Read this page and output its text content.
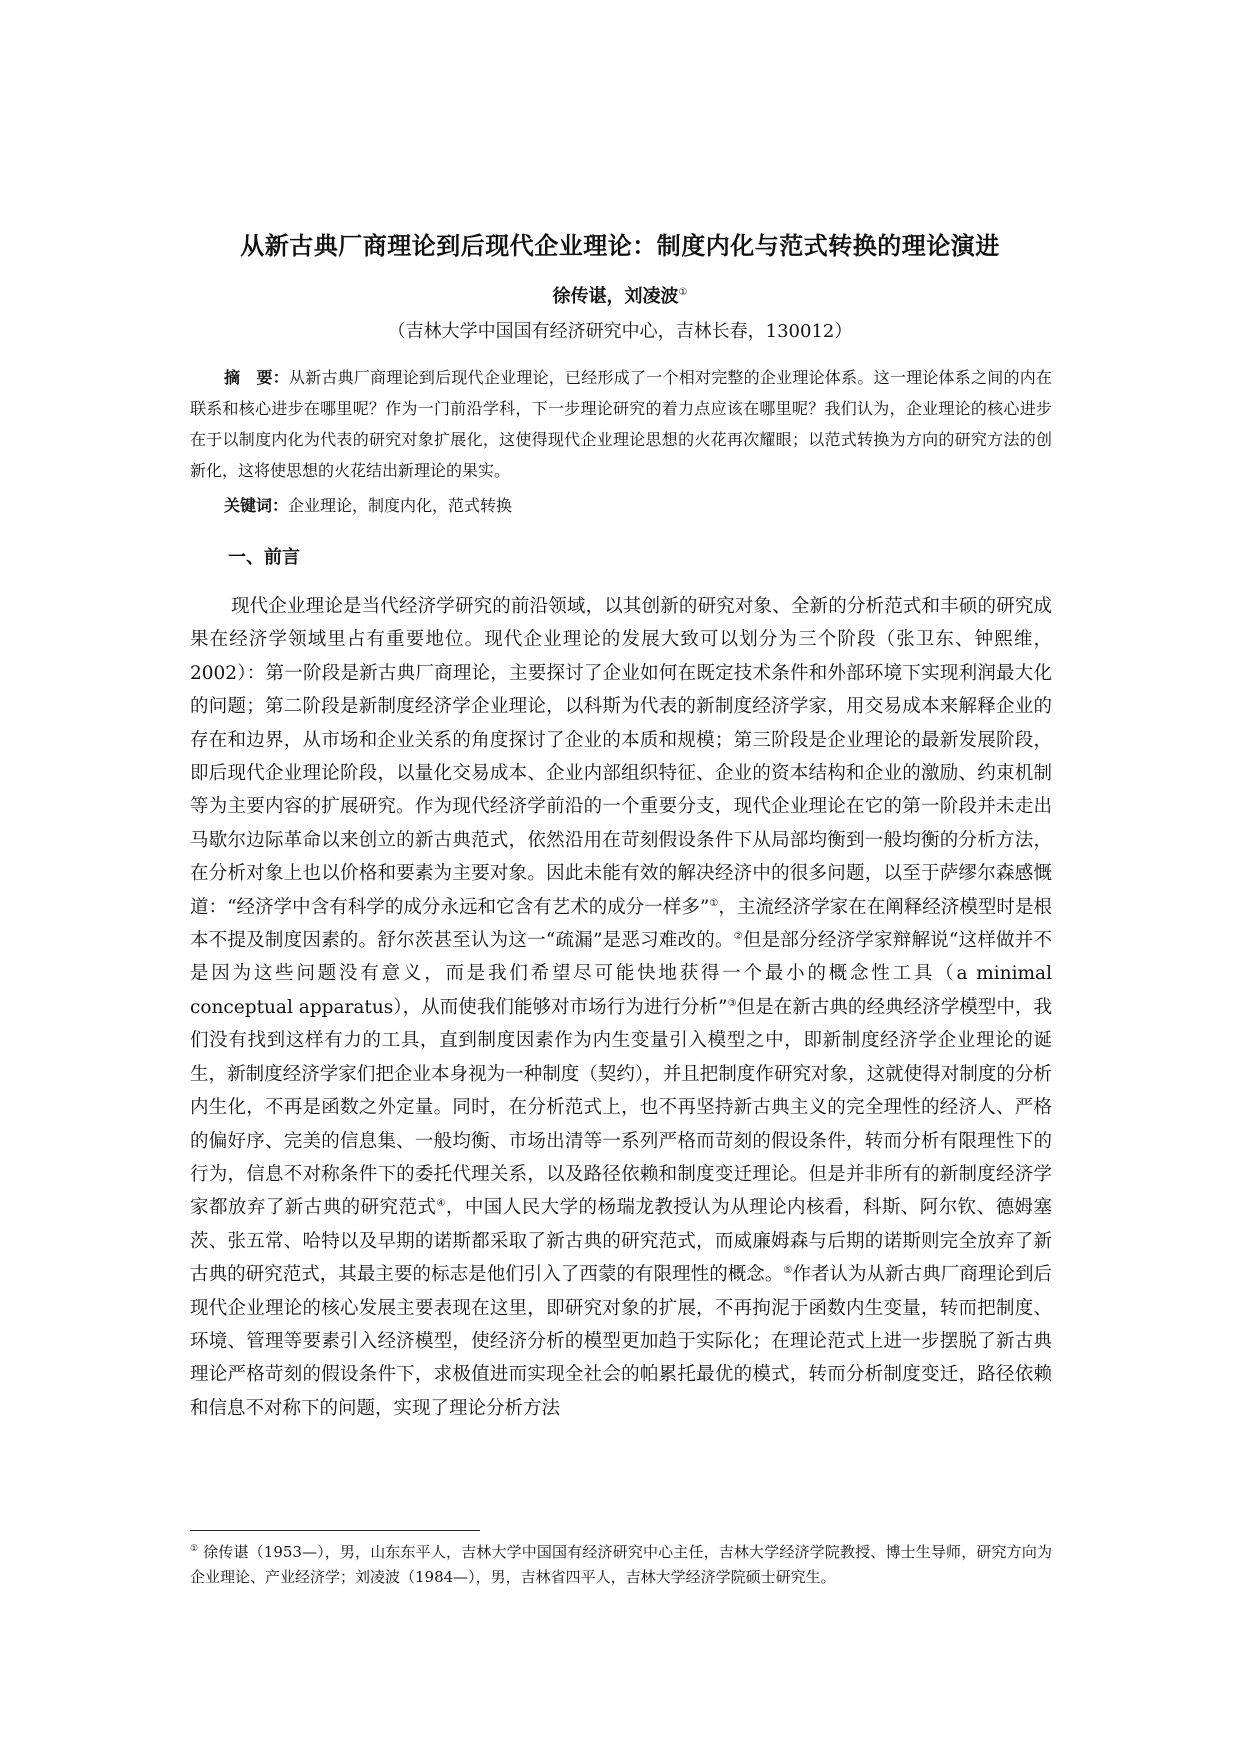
从新古典厂商理论到后现代企业理论：制度内化与范式转换的理论演进
徐传谌，刘凌波①
（吉林大学中国国有经济研究中心，吉林长春，130012）

摘　要：从新古典厂商理论到后现代企业理论，已经形成了一个相对完整的企业理论体系。这一理论体系之间的内在联系和核心进步在哪里呢？作为一门前沿学科，下一步理论研究的着力点应该在哪里呢？我们认为，企业理论的核心进步在于以制度内化为代表的研究对象扩展化，这使得现代企业理论思想的火花再次耀眼；以范式转换为方向的研究方法的创新化，这将使思想的火花结出新理论的果实。

关键词：企业理论，制度内化，范式转换

一、前言

现代企业理论是当代经济学研究的前沿领域，以其创新的研究对象、全新的分析范式和丰硕的研究成果在经济学领域里占有重要地位。现代企业理论的发展大致可以划分为三个阶段（张卫东、钟熙维，2002）：第一阶段是新古典厂商理论，主要探讨了企业如何在既定技术条件和外部环境下实现利润最大化的问题；第二阶段是新制度经济学企业理论，以科斯为代表的新制度经济学家，用交易成本来解释企业的存在和边界，从市场和企业关系的角度探讨了企业的本质和规模；第三阶段是企业理论的最新发展阶段，即后现代企业理论阶段，以量化交易成本、企业内部组织特征、企业的资本结构和企业的激励、约束机制等为主要内容的扩展研究。作为现代经济学前沿的一个重要分支，现代企业理论在它的第一阶段并未走出马歇尔边际革命以来创立的新古典范式，依然沿用在苛刻假设条件下从局部均衡到一般均衡的分析方法，在分析对象上也以价格和要素为主要对象。因此未能有效的解决经济中的很多问题，以至于萨缪尔森感慨道：“经济学中含有科学的成分永远和它含有艺术的成分一样多”①，主流经济学家在在阐释经济模型时是根本不提及制度因素的。舒尔茨甚至认为这一“疏漏”是恶习难改的。②但是部分经济学家辩解说“这样做并不是因为这些问题没有意义，而是我们希望尽可能快地获得一个最小的概念性工具（a minimal conceptual apparatus），从而使我们能够对市场行为进行分析”③但是在新古典的经典经济学模型中，我们没有找到这样有力的工具，直到制度因素作为内生变量引入模型之中，即新制度经济学企业理论的诞生，新制度经济学家们把企业本身视为一种制度（契约），并且把制度作研究对象，这就使得对制度的分析内生化，不再是函数之外定量。同时，在分析范式上，也不再坚持新古典主义的完全理性的经济人、严格的偏好序、完美的信息集、一般均衡、市场出清等一系列严格而苛刻的假设条件，转而分析有限理性下的行为，信息不对称条件下的委托代理关系，以及路径依赖和制度变迁理论。但是并非所有的新制度经济学家都放弃了新古典的研究范式④，中国人民大学的杨瑞龙教授认为从理论内核看，科斯、阿尔钦、德姆塞茨、张五常、哈特以及早期的诺斯都采取了新古典的研究范式，而威廉姆森与后期的诺斯则完全放弃了新古典的研究范式，其最主要的标志是他们引入了西蒙的有限理性的概念。⑤作者认为从新古典厂商理论到后现代企业理论的核心发展主要表现在这里，即研究对象的扩展，不再拘泥于函数内生变量，转而把制度、环境、管理等要素引入经济模型，使经济分析的模型更加趋于实际化；在理论范式上进一步摆脱了新古典理论严格苛刻的假设条件下，求极值进而实现全社会的帕累托最优的模式，转而分析制度变迁，路径依赖和信息不对称下的问题，实现了理论分析方法

① 徐传谌（1953—），男，山东东平人，吉林大学中国国有经济研究中心主任，吉林大学经济学院教授、博士生导师，研究方向为企业理论、产业经济学；刘凌波（1984—），男，吉林省四平人，吉林大学经济学院硕士研究生。
